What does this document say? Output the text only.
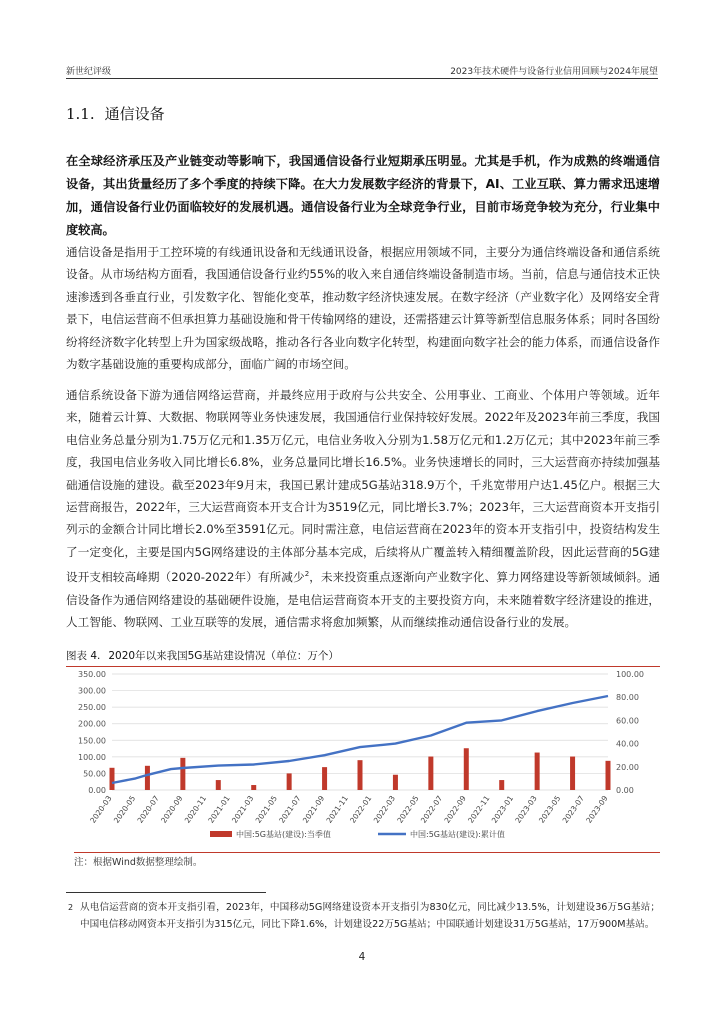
新世纪评级	2023年技术硬件与设备行业信用回顾与2024年展望
1.1. 通信设备

在全球经济承压及产业链变动等影响下，我国通信设备行业短期承压明显。尤其是手机，作为成熟的终端通信设备，其出货量经历了多个季度的持续下降。在大力发展数字经济的背景下，AI、工业互联、算力需求迅速增加，通信设备行业仍面临较好的发展机遇。通信设备行业为全球竞争行业，目前市场竞争较为充分，行业集中度较高。

通信设备是指用于工控环境的有线通讯设备和无线通讯设备，根据应用领域不同，主要分为通信终端设备和通信系统设备。从市场结构方面看，我国通信设备行业约55%的收入来自通信终端设备制造市场。当前，信息与通信技术正快速渗透到各垂直行业，引发数字化、智能化变革，推动数字经济快速发展。在数字经济（产业数字化）及网络安全背景下，电信运营商不但承担算力基础设施和骨干传输网络的建设，还需搭建云计算等新型信息服务体系；同时各国纷纷将经济数字化转型上升为国家级战略，推动各行各业向数字化转型，构建面向数字社会的能力体系，而通信设备作为数字基础设施的重要构成部分，面临广阔的市场空间。

通信系统设备下游为通信网络运营商，并最终应用于政府与公共安全、公用事业、工商业、个体用户等领域。近年来，随着云计算、大数据、物联网等业务快速发展，我国通信行业保持较好发展。2022年及2023年前三季度，我国电信业务总量分别为1.75万亿元和1.35万亿元，电信业务收入分别为1.58万亿元和1.2万亿元；其中2023年前三季度，我国电信业务收入同比增长6.8%，业务总量同比增长16.5%。业务快速增长的同时，三大运营商亦持续加强基础通信设施的建设。截至2023年9月末，我国已累计建成5G基站318.9万个，千兆宽带用户达1.45亿户。根据三大运营商报告，2022年，三大运营商资本开支合计为3519亿元，同比增长3.7%；2023年，三大运营商资本开支指引列示的金额合计同比增长2.0%至3591亿元。同时需注意，电信运营商在2023年的资本开支指引中，投资结构发生了一定变化，主要是国内5G网络建设的主体部分基本完成，后续将从广覆盖转入精细覆盖阶段，因此运营商的5G建设开支相较高峰期（2020-2022年）有所减少$^2$，未来投资重点逐渐向产业数字化、算力网络建设等新领域倾斜。通信设备作为通信网络建设的基础硬件设施，是电信运营商资本开支的主要投资方向，未来随着数字经济建设的推进，人工智能、物联网、工业互联等的发展，通信需求将愈加频繁，从而继续推动通信设备行业的发展。

图表 4. 2020年以来我国5G基站建设情况（单位：万个）
0.00
50.00
100.00
150.00
200.00
250.00
300.00
350.00
0.00
20.00
40.00
60.00
80.00
100.00
2020-03
2020-05
2020-07
2020-09
2020-11
2021-01
2021-03
2021-05
2021-07
2021-09
2021-11
2022-01
2022-03
2022-05
2022-07
2022-09
2022-11
2023-01
2023-03
2023-05
2023-07
2023-09
中国:5G基站(建设):当季值	中国:5G基站(建设):累计值
注：根据Wind数据整理绘制。
2 从电信运营商的资本开支指引看，2023年，中国移动5G网络建设资本开支指引为830亿元，同比减少13.5%，计划建设36万5G基站；中国电信移动网资本开支指引为315亿元，同比下降1.6%，计划建设22万5G基站；中国联通计划建设31万5G基站，17万900M基站。
4
